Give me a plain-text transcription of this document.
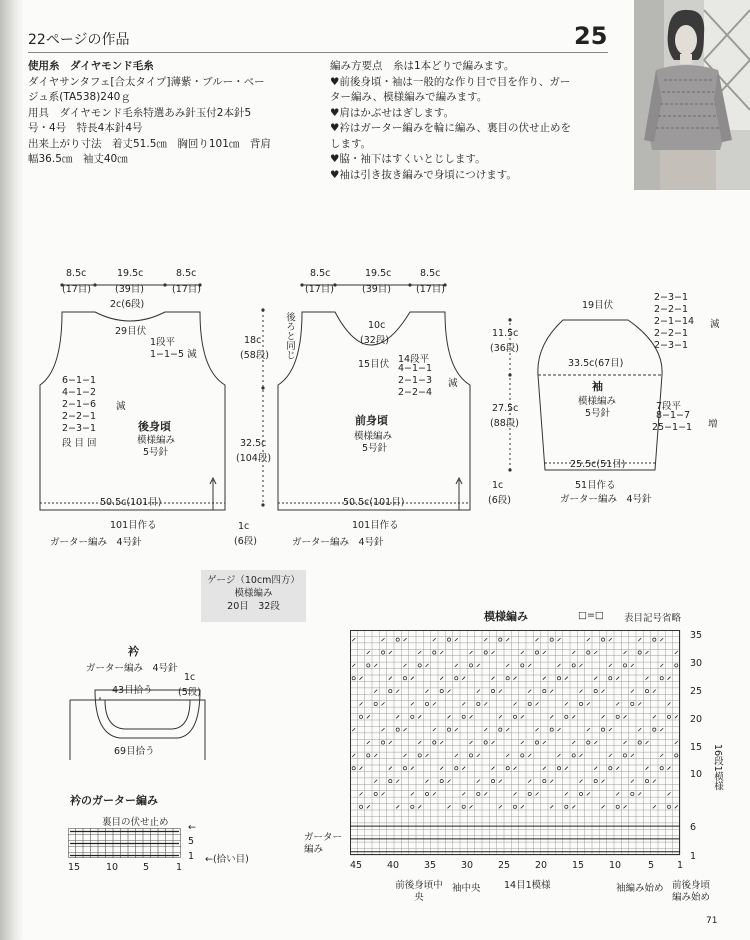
22ページの作品	25
使用糸　ダイヤモンド毛糸
ダイヤサンタフェ[合太タイプ]薄紫・ブルー・ベー
ジュ系(TA538)240ｇ
用具　ダイヤモンド毛糸特選あみ針玉付2本針5
号・4号　特長4本針4号
出来上がり寸法　着丈51.5㎝　胸回り101㎝　背肩
幅36.5㎝　袖丈40㎝
編み方要点　糸は1本どりで編みます。
♥前後身頃・袖は一般的な作り目で目を作り、ガー
ター編み、模様編みで編みます。
♥肩はかぶせはぎします。
♥衿はガーター編みを輪に編み、裏目の伏せ止めを
します。
♥脇・袖下はすくいとじします。
♥袖は引き抜き編みで身頃につけます。
8.5c
(17目)
19.5c
(39目)
8.5c
(17目)
2c(6段)
29目伏
1段平
1−1−5 減
6−1−1
4−1−2
2−1−6
2−2−1
2−3−1
段 目 回
減
後身頃
模様編み
5号針
50.5c(101目)
101目作る
ガーター編み　4号針
8.5c
(17目)
19.5c
(39目)
8.5c
(17目)
後ろと同じ	10c
(32段)
15目伏 14段平
4−1−1
2−1−3
2−2−4
減
前身頃
模様編み
5号針
50.5c(101目)
101目作る
ガーター編み　4号針
18c
(58段)
32.5c
(104段)
1c
(6段)
11.5c
(36段)
27.5c
(88段)
1c
(6段)
19目伏
2−3−1
2−2−1
2−1−14
2−2−1
2−3−1
減
33.5c(67目)
袖
模様編み
5号針
7段平
8−1−7
25−1−1 増
25.5c(51目)
51目作る
ガーター編み　4号針
ゲージ（10cm四方）
模様編み
20目　32段
衿
ガーター編み　4号針
1c
(5段)
43目拾う
69目拾う
衿のガーター編み
裏目の伏せ止め ←
5
1 ←(拾い目)
15	10	5	1
模様編み	□=□ 表目記号省略
35
30
25
20
15
10
6
1
16段1模様
ガーター編み
45	40	35	30	25	20	15	10	5 1
14目1模様
前後身頃中央
袖中央	袖編み始め 前後身頃編み始め
71
